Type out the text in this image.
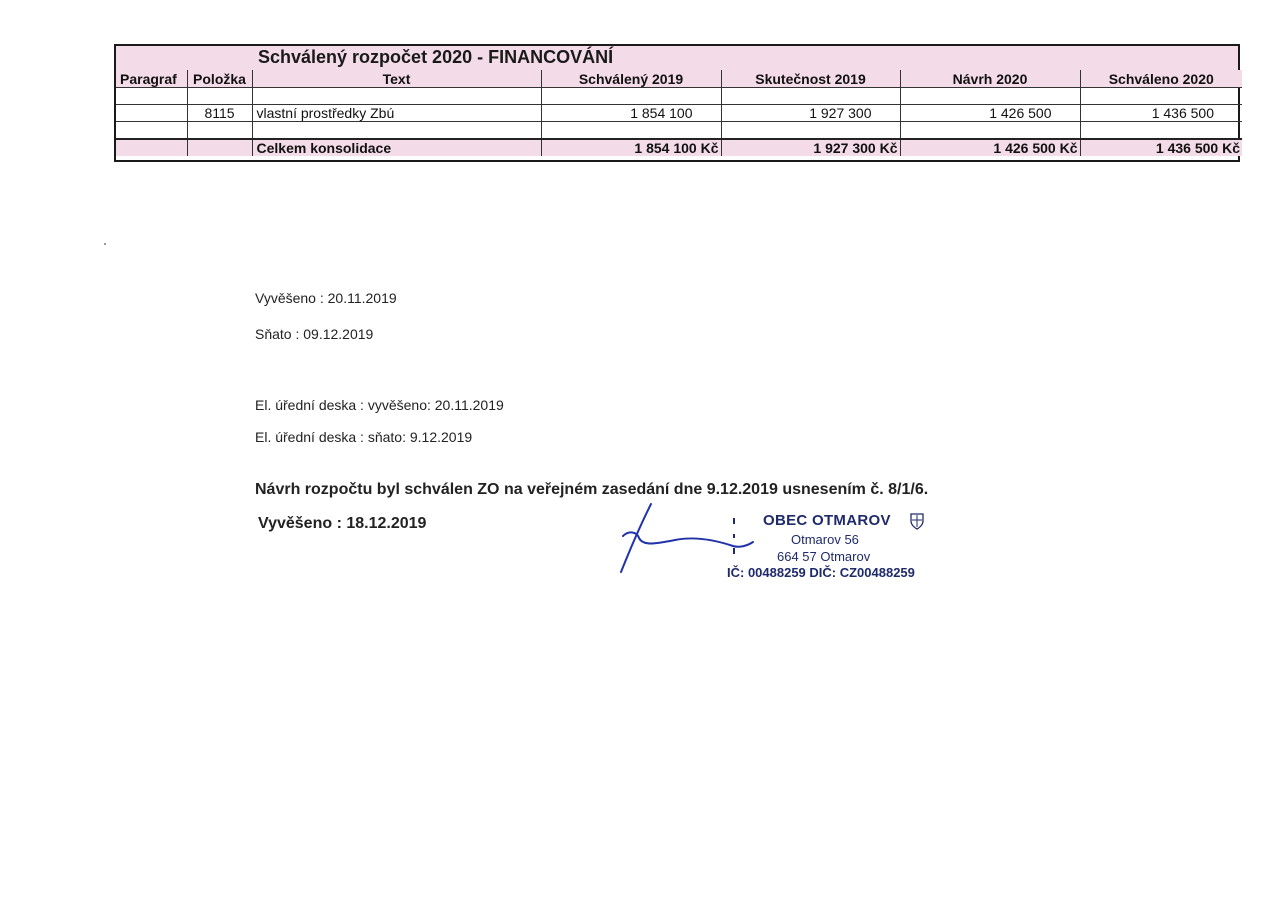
Schválený rozpočet 2020 - FINANCOVÁNÍ
Paragraf	Položka	Text	Schválený 2019	Skutečnost 2019	Návrh 2020	Schváleno 2020

	8115	vlastní prostředky Zbú	1 854 100	1 927 300	1 426 500	1 436 500

		Celkem konsolidace	1 854 100 Kč	1 927 300 Kč	1 426 500 Kč	1 436 500 Kč
Vyvěšeno : 20.11.2019
Sňato : 09.12.2019
El. úřední deska : vyvěšeno: 20.11.2019
El. úřední deska : sňato: 9.12.2019
Návrh rozpočtu byl schválen ZO na veřejném zasedání dne 9.12.2019 usnesením č. 8/1/6.
Vyvěšeno : 18.12.2019	OBEC OTMAROV
Otmarov 56
664 57 Otmarov
IČ: 00488259 DIČ: CZ00488259
